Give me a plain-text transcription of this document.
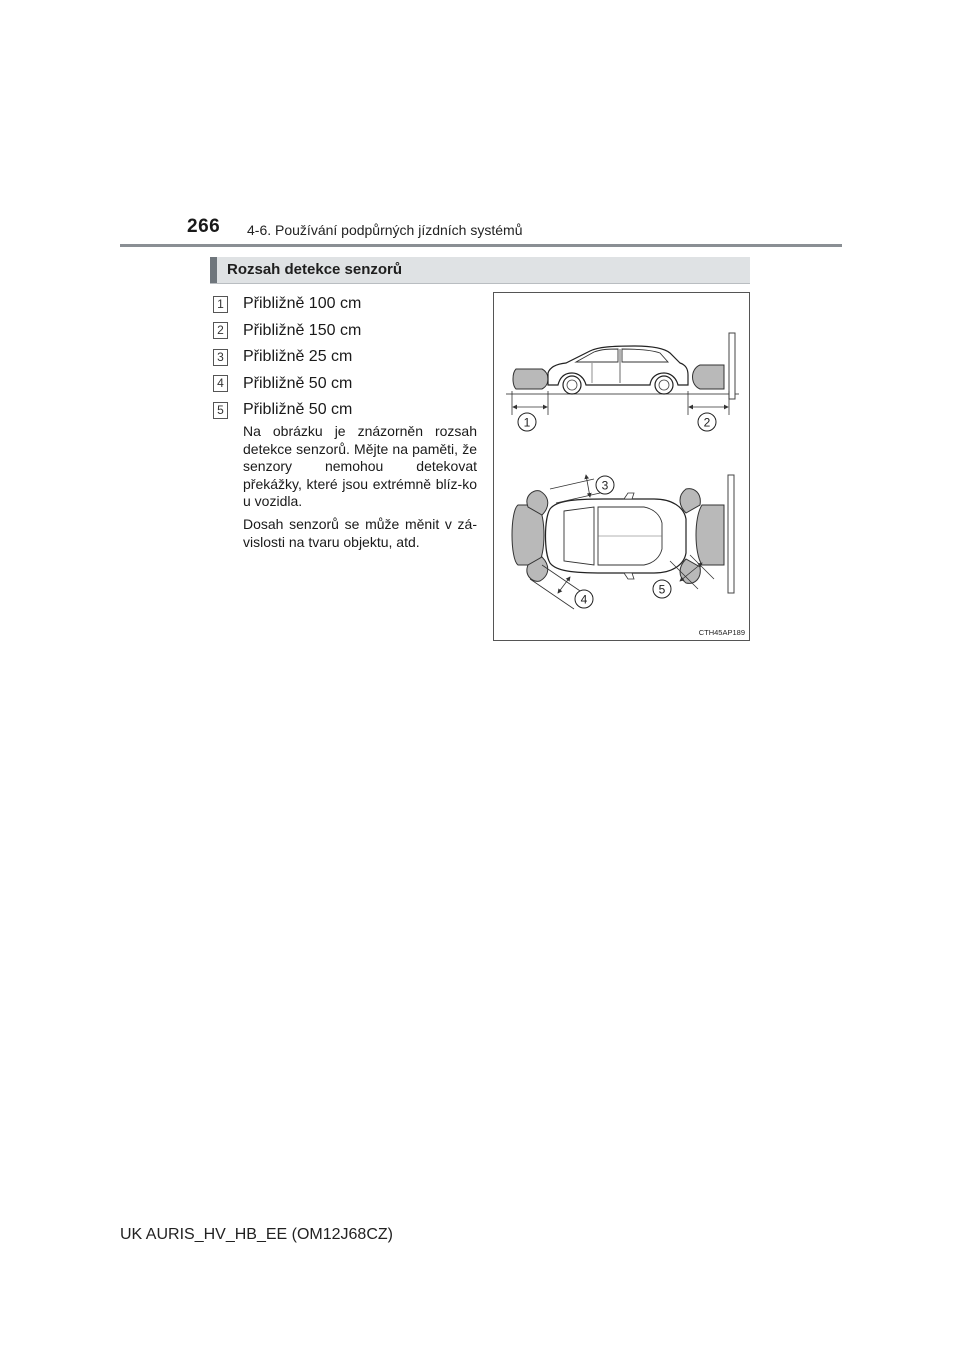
266 4-6. Používání podpůrných jízdních systémů
Rozsah detekce senzorů
1 Přibližně 100 cm
2 Přibližně 150 cm
3 Přibližně 25 cm
4 Přibližně 50 cm
5 Přibližně 50 cm

Na obrázku je znázorněn rozsah detekce senzorů. Mějte na paměti, že senzory nemohou detekovat překážky, které jsou extrémně blíz-ko u vozidla.

Dosah senzorů se může měnit v zá-vislosti na tvaru objektu, atd.

1	2
3
4
5
CTH45AP189
UK AURIS_HV_HB_EE (OM12J68CZ)
